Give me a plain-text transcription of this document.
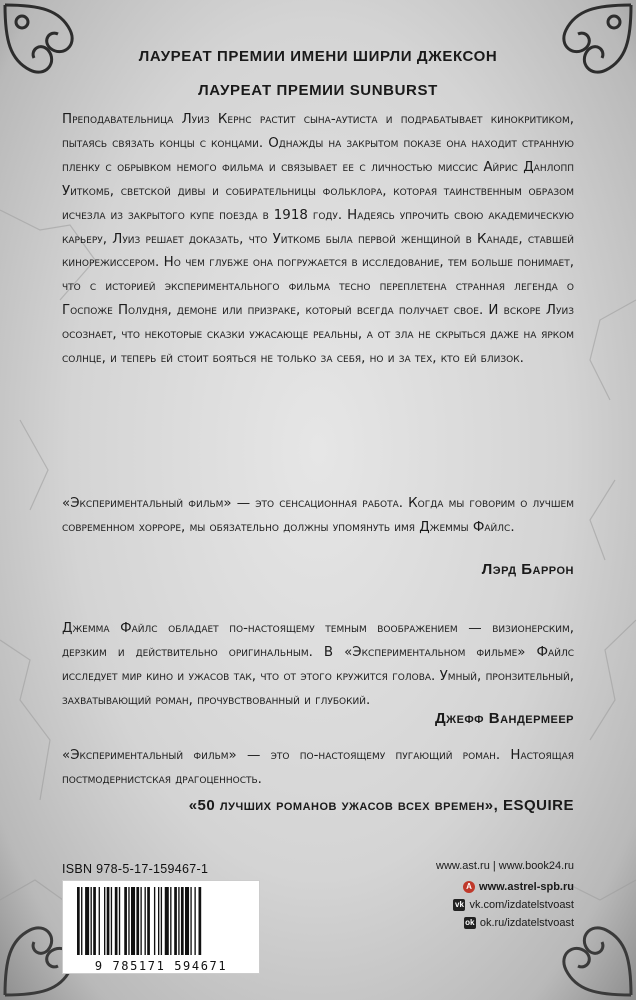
ЛАУРЕАТ ПРЕМИИ ИМЕНИ ШИРЛИ ДЖЕКСОН
ЛАУРЕАТ ПРЕМИИ SUNBURST

Преподавательница Луиз Кернс растит сына-аутиста и подрабатывает кинокритиком, пытаясь связать концы с концами. Однажды на закрытом показе она находит странную пленку с обрывком немого фильма и связывает ее с личностью миссис Айрис Данлопп Уиткомб, светской дивы и собирательницы фольклора, которая таинственным образом исчезла из закрытого купе поезда в 1918 году. Надеясь упрочить свою академическую карьеру, Луиз решает доказать, что Уиткомб была первой женщиной в Канаде, ставшей кинорежиссером. Но чем глубже она погружается в исследование, тем больше понимает, что с историей экспериментального фильма тесно переплетена странная легенда о Госпоже Полудня, демоне или призраке, который всегда получает свое. И вскоре Луиз осознает, что некоторые сказки ужасающе реальны, а от зла не скрыться даже на ярком солнце, и теперь ей стоит бояться не только за себя, но и за тех, кто ей близок.

«Экспериментальный фильм» — это сенсационная работа. Когда мы говорим о лучшем современном хорроре, мы обязательно должны упомянуть имя Джеммы Файлс.

Лэрд Баррон

Джемма Файлс обладает по-настоящему темным воображением — визионерским, дерзким и действительно оригинальным. В «Экспериментальном фильме» Файлс исследует мир кино и ужасов так, что от этого кружится голова. Умный, пронзительный, захватывающий роман, прочувствованный и глубокий.

Джефф Вандермеер

«Экспериментальный фильм» — это по-настоящему пугающий роман. Настоящая постмодернистская драгоценность.

«50 лучших романов ужасов всех времен», ESQUIRE
ISBN 978-5-17-159467-1
9 785171 594671
www.ast.ru | www.book24.ru
A www.astrel-spb.ru
vk vk.com/izdatelstvoast
ok ok.ru/izdatelstvoast
